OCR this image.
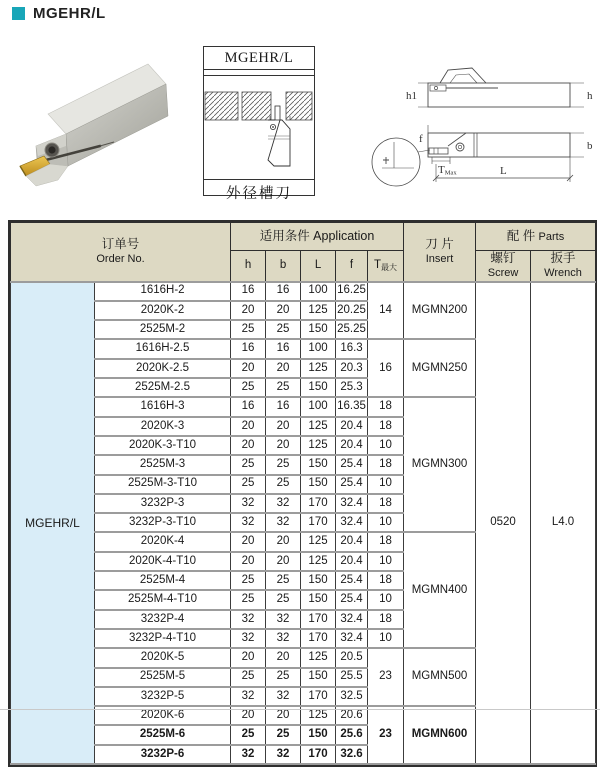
MGEHR/L
MGEHR/L
外径槽刀
h1	h
f
b
TMax	L
订单号
Order No.		适用条件 Application					刀 片
Insert	配 件 Parts	
		h	b	L	f	$T_{最大}$		螺钉
Screw	扳手
Wrench
MGEHR/L	1616H-2	16	16	100	16.25	14	MGMN200	0520	L4.0
	2020K-2	20	20	125	20.25				
	2525M-2	25	25	150	25.25				
	1616H-2.5	16	16	100	16.3	16	MGMN250		
	2020K-2.5	20	20	125	20.3				
	2525M-2.5	25	25	150	25.3				
	1616H-3	16	16	100	16.35	18	MGMN300		
	2020K-3	20	20	125	20.4	18			
	2020K-3-T10	20	20	125	20.4	10			
	2525M-3	25	25	150	25.4	18			
	2525M-3-T10	25	25	150	25.4	10			
	3232P-3	32	32	170	32.4	18			
	3232P-3-T10	32	32	170	32.4	10			
	2020K-4	20	20	125	20.4	18	MGMN400		
	2020K-4-T10	20	20	125	20.4	10			
	2525M-4	25	25	150	25.4	18			
	2525M-4-T10	25	25	150	25.4	10			
	3232P-4	32	32	170	32.4	18			
	3232P-4-T10	32	32	170	32.4	10			
	2020K-5	20	20	125	20.5	23	MGMN500		
	2525M-5	25	25	150	25.5				
	3232P-5	32	32	170	32.5				
	2020K-6	20	20	125	20.6	23	MGMN600		
	2525M-6	25	25	150	25.6				
	3232P-6	32	32	170	32.6				
